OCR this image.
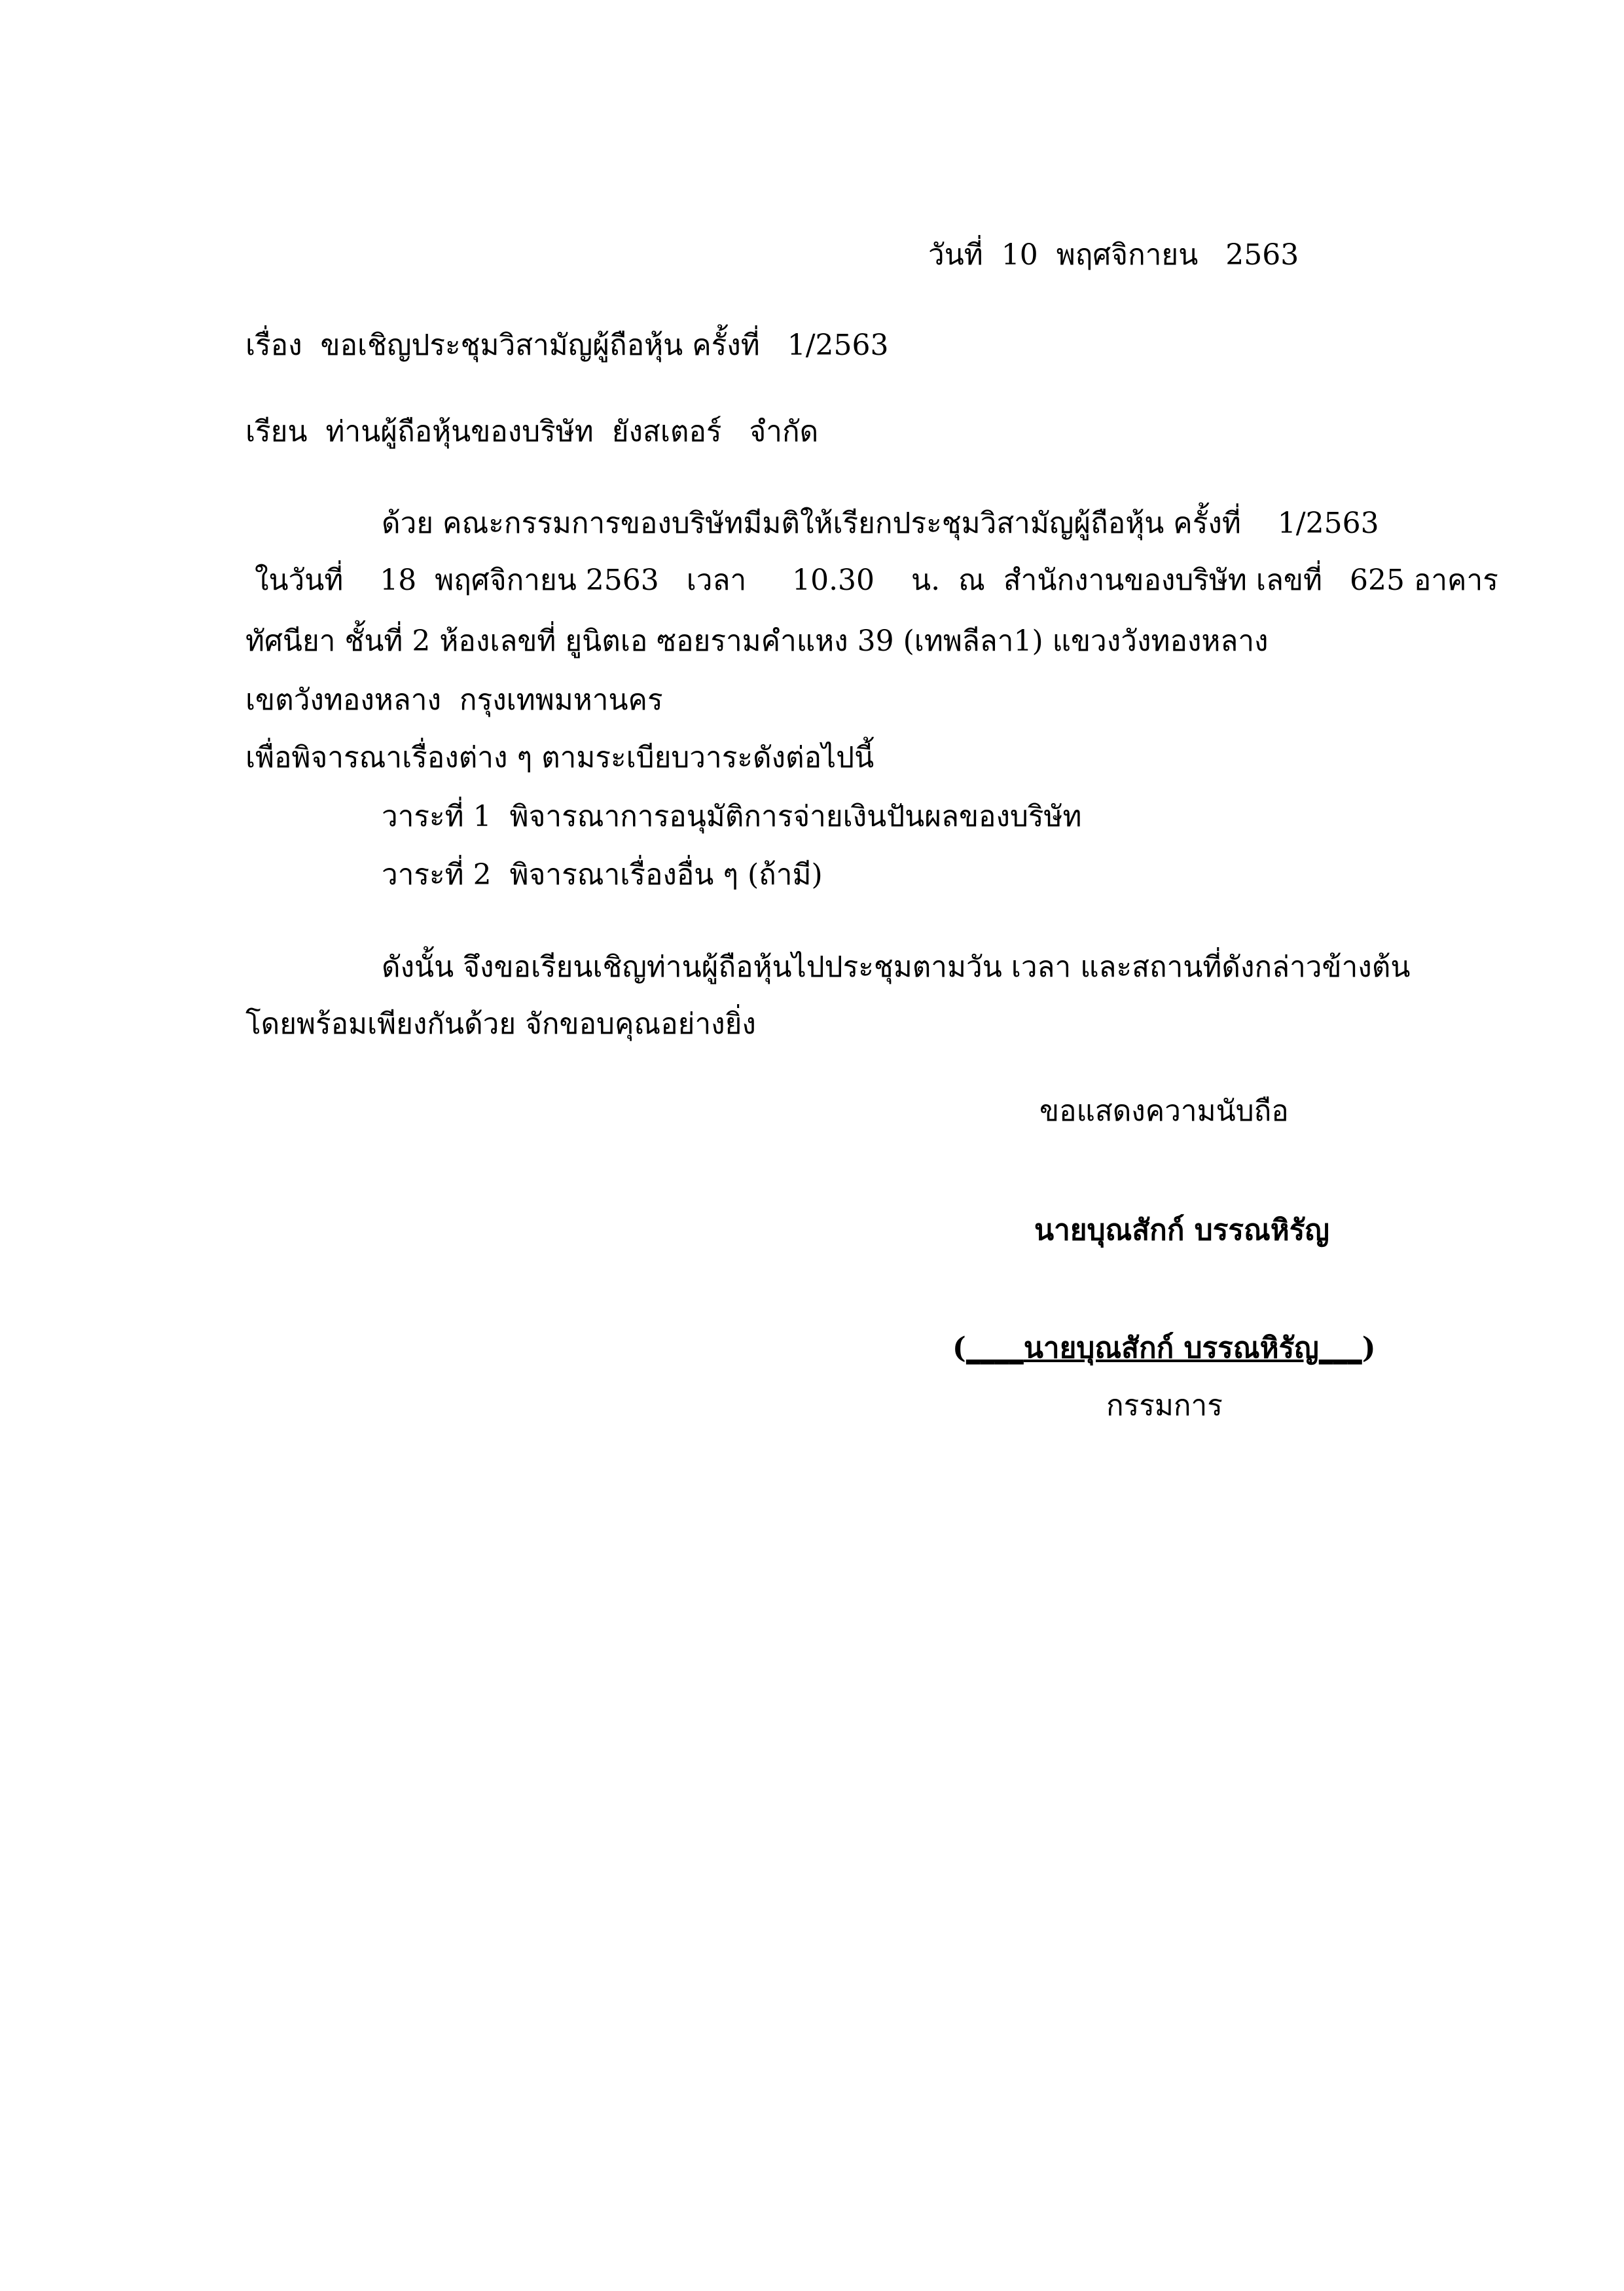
วันที่  10  พฤศจิกายน   2563

เรื่อง  ขอเชิญประชุมวิสามัญผู้ถือหุ้น ครั้งที่   1/2563

เรียน  ท่านผู้ถือหุ้นของบริษัท  ยังสเตอร์   จำกัด

ด้วย คณะกรรมการของบริษัทมีมติให้เรียกประชุมวิสามัญผู้ถือหุ้น ครั้งที่    1/2563

ในวันที่    18  พฤศจิกายน 2563   เวลา     10.30    น.  ณ  สำนักงานของบริษัท เลขที่   625 อาคาร

ทัศนียา ชั้นที่ 2 ห้องเลขที่ ยูนิตเอ ซอยรามคำแหง 39 (เทพลีลา1) แขวงวังทองหลาง

เขตวังทองหลาง  กรุงเทพมหานคร

เพื่อพิจารณาเรื่องต่าง ๆ ตามระเบียบวาระดังต่อไปนี้

วาระที่ 1  พิจารณาการอนุมัติการจ่ายเงินปันผลของบริษัท

วาระที่ 2  พิจารณาเรื่องอื่น ๆ (ถ้ามี)

ดังนั้น จึงขอเรียนเชิญท่านผู้ถือหุ้นไปประชุมตามวัน เวลา และสถานที่ดังกล่าวข้างต้น

โดยพร้อมเพียงกันด้วย จักขอบคุณอย่างยิ่ง

ขอแสดงความนับถือ

นายบุณสักก์ บรรณหิรัญ

(____นายบุณสักก์ บรรณหิรัญ___)

กรรมการ
